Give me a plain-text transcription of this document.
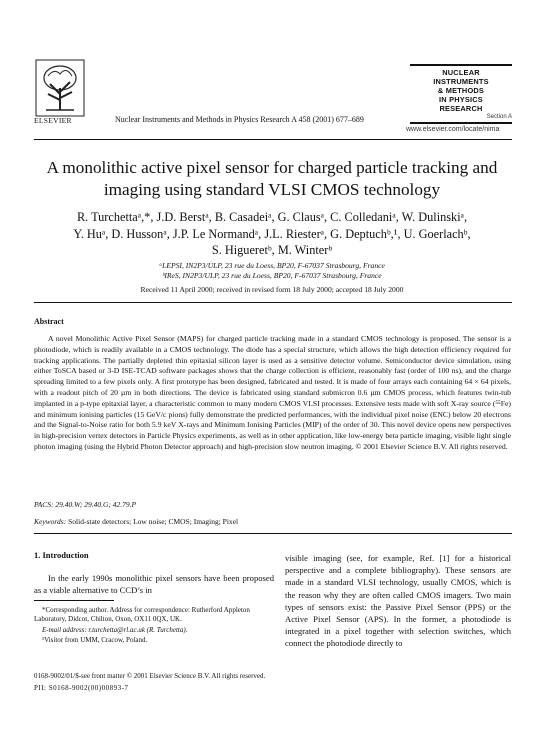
ELSEVIER	Nuclear Instruments and Methods in Physics Research A 458 (2001) 677–689
NUCLEAR
INSTRUMENTS
& METHODS
IN PHYSICS
RESEARCH
Section A
www.elsevier.com/locate/nima
A monolithic active pixel sensor for charged particle tracking and imaging using standard VLSI CMOS technology
R. Turchettaᵃ,*, J.D. Berstᵃ, B. Casadeiᵃ, G. Clausᵃ, C. Colledaniᵃ, W. Dulinskiᵃ,
Y. Huᵃ, D. Hussonᵃ, J.P. Le Normandᵃ, J.L. Riesterᵃ, G. Deptuchᵇ,¹, U. Goerlachᵇ,
S. Higueretᵇ, M. Winterᵇ
ᵃLEPSI, IN2P3/ULP, 23 rue du Loess, BP20, F-67037 Strasbourg, France
ᵇIReS, IN2P3/ULP, 23 rue du Loess, BP20, F-67037 Strasbourg, France
Received 11 April 2000; received in revised form 18 July 2000; accepted 18 July 2000
Abstract
A novel Monolithic Active Pixel Sensor (MAPS) for charged particle tracking made in a standard CMOS technology is proposed. The sensor is a photodiode, which is readily available in a CMOS technology. The diode has a special structure, which allows the high detection efficiency required for tracking applications. The partially depleted thin epitaxial silicon layer is used as a sensitive detector volume. Semiconductor device simulation, using either ToSCA based or 3-D ISE-TCAD software packages shows that the charge collection is efficient, reasonably fast (order of 100 ns), and the charge spreading limited to a few pixels only. A first prototype has been designed, fabricated and tested. It is made of four arrays each containing 64 × 64 pixels, with a readout pitch of 20 µm in both directions. The device is fabricated using standard submicron 0.6 µm CMOS process, which features twin-tub implanted in a p-type epitaxial layer, a characteristic common to many modern CMOS VLSI processes. Extensive tests made with soft X-ray source (⁵⁵Fe) and minimum ionising particles (15 GeV/c pions) fully demonstrate the predicted performances, with the individual pixel noise (ENC) below 20 electrons and the Signal-to-Noise ratio for both 5.9 keV X-rays and Minimum Ionising Particles (MIP) of the order of 30. This novel device opens new perspectives in high-precision vertex detectors in Particle Physics experiments, as well as in other application, like low-energy beta particle imaging, visible light single photon imaging (using the Hybrid Photon Detector approach) and high-precision slow neutron imaging. © 2001 Elsevier Science B.V. All rights reserved.
PACS: 29.40.W; 29.40.G; 42.79.P
Keywords: Solid-state detectors; Low noise; CMOS; Imaging; Pixel
1. Introduction
In the early 1990s monolithic pixel sensors have been proposed as a viable alternative to CCD’s in

*Corresponding author. Address for correspondence: Rutherford Appleton Laboratory, Didcot, Chilton, Oxon, OX11 0QX, UK.

E-mail address: r.turchetta@rl.ac.uk (R. Turchetta).

¹Visitor from UMM, Cracow, Poland.

visible imaging (see, for example, Ref. [1] for a historical perspective and a complete bibliography). These sensors are made in a standard VLSI technology, usually CMOS, which is the reason why they are often called CMOS imagers. Two main types of sensors exist: the Passive Pixel Sensor (PPS) or the Active Pixel Sensor (APS). In the former, a photodiode is integrated in a pixel together with selection switches, which connect the photodiode directly to
0168-9002/01/$-see front matter © 2001 Elsevier Science B.V. All rights reserved.
PII: S0168-9002(00)00893-7
